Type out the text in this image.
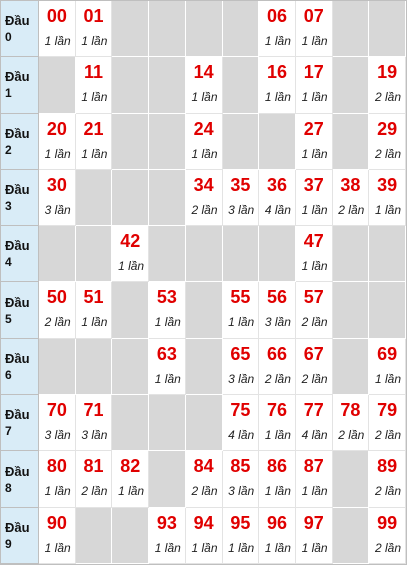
Đầu
0
00
1 lần
01
1 lần
06
1 lần
07
1 lần
Đầu
1
11
1 lần
14
1 lần
16
1 lần
17
1 lần
19
2 lần
Đầu
2
20
1 lần
21
1 lần
24
1 lần
27
1 lần
29
2 lần
Đầu
3
30
3 lần
34
2 lần
35
3 lần
36
4 lần
37
1 lần
38
2 lần
39
1 lần
Đầu
4
42
1 lần
47
1 lần
Đầu
5
50
2 lần
51
1 lần
53
1 lần
55
1 lần
56
3 lần
57
2 lần
Đầu
6
63
1 lần
65
3 lần
66
2 lần
67
2 lần
69
1 lần
Đầu
7
70
3 lần
71
3 lần
75
4 lần
76
1 lần
77
4 lần
78
2 lần
79
2 lần
Đầu
8
80
1 lần
81
2 lần
82
1 lần
84
2 lần
85
3 lần
86
1 lần
87
1 lần
89
2 lần
Đầu
9
90
1 lần
93
1 lần
94
1 lần
95
1 lần
96
1 lần
97
1 lần
99
2 lần
